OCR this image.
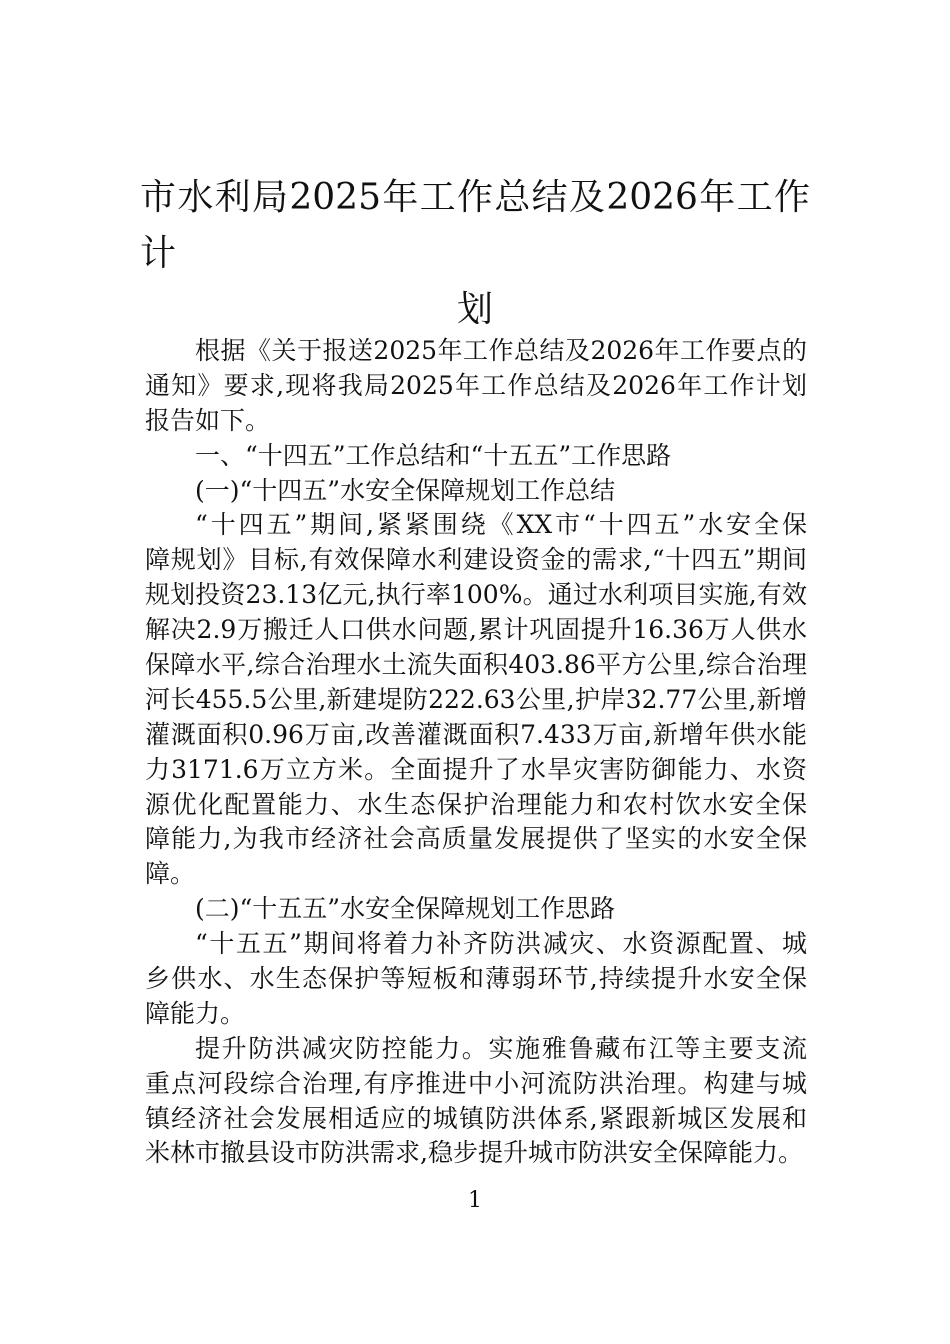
市水利局2025年工作总结及2026年工作计
划
根据《关于报送2025年工作总结及2026年工作要点的
通知》要求,现将我局2025年工作总结及2026年工作计划
报告如下。
一、“十四五”工作总结和“十五五”工作思路
(一)“十四五”水安全保障规划工作总结
“十四五”期间,紧紧围绕《XX市“十四五”水安全保
障规划》目标,有效保障水利建设资金的需求,“十四五”期间
规划投资23.13亿元,执行率100%。通过水利项目实施,有效
解决2.9万搬迁人口供水问题,累计巩固提升16.36万人供水
保障水平,综合治理水土流失面积403.86平方公里,综合治理
河长455.5公里,新建堤防222.63公里,护岸32.77公里,新增
灌溉面积0.96万亩,改善灌溉面积7.433万亩,新增年供水能
力3171.6万立方米。全面提升了水旱灾害防御能力、水资
源优化配置能力、水生态保护治理能力和农村饮水安全保
障能力,为我市经济社会高质量发展提供了坚实的水安全保
障。
(二)“十五五”水安全保障规划工作思路
“十五五”期间将着力补齐防洪减灾、水资源配置、城
乡供水、水生态保护等短板和薄弱环节,持续提升水安全保
障能力。
提升防洪减灾防控能力。实施雅鲁藏布江等主要支流
重点河段综合治理,有序推进中小河流防洪治理。构建与城
镇经济社会发展相适应的城镇防洪体系,紧跟新城区发展和
米林市撤县设市防洪需求,稳步提升城市防洪安全保障能力。
1
